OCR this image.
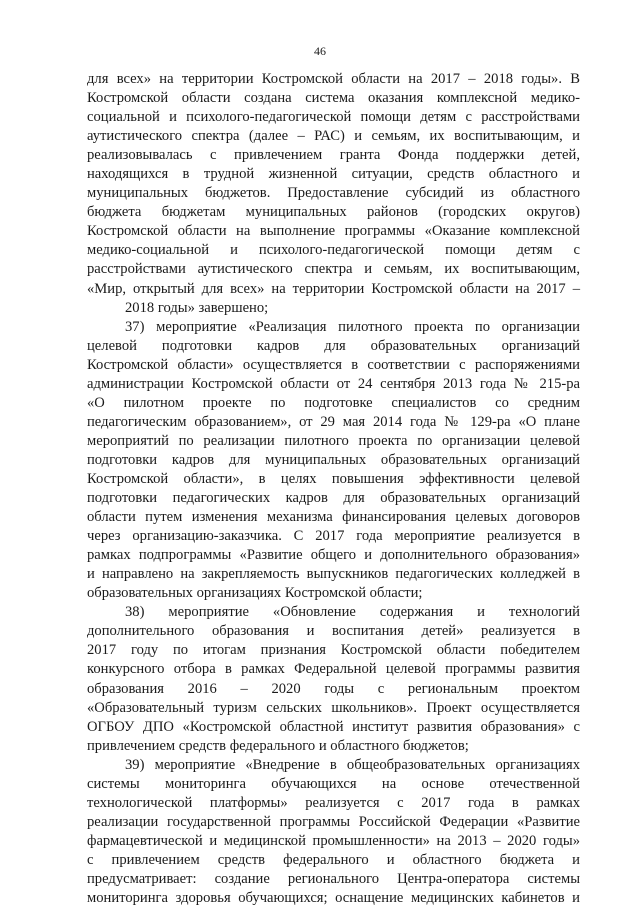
46
для всех» на территории Костромской области на 2017 – 2018 годы». В
Костромской области создана система оказания комплексной медико-
социальной и психолого-педагогической помощи детям с расстройствами
аутистического спектра (далее – РАС) и семьям, их воспитывающим, и
реализовывалась с привлечением гранта Фонда поддержки детей,
находящихся в трудной жизненной ситуации, средств областного и
муниципальных бюджетов. Предоставление субсидий из областного
бюджета бюджетам муниципальных районов (городских округов)
Костромской области на выполнение программы «Оказание комплексной
медико-социальной и психолого-педагогической помощи детям с
расстройствами аутистического спектра и семьям, их воспитывающим,
«Мир, открытый для всех» на территории Костромской области на 2017 –
2018 годы» завершено;
37) мероприятие «Реализация пилотного проекта по организации
целевой подготовки кадров для образовательных организаций
Костромской области» осуществляется в соответствии с распоряжениями
администрации Костромской области от 24 сентября 2013 года № 215-ра
«О пилотном проекте по подготовке специалистов со средним
педагогическим образованием», от 29 мая 2014 года № 129-ра «О плане
мероприятий по реализации пилотного проекта по организации целевой
подготовки кадров для муниципальных образовательных организаций
Костромской области», в целях повышения эффективности целевой
подготовки педагогических кадров для образовательных организаций
области путем изменения механизма финансирования целевых договоров
через организацию-заказчика. С 2017 года мероприятие реализуется в
рамках подпрограммы «Развитие общего и дополнительного образования»
и направлено на закрепляемость выпускников педагогических колледжей в
образовательных организациях Костромской области;
38) мероприятие «Обновление содержания и технологий
дополнительного образования и воспитания детей» реализуется в
2017 году по итогам признания Костромской области победителем
конкурсного отбора в рамках Федеральной целевой программы развития
образования 2016 – 2020 годы с региональным проектом
«Образовательный туризм сельских школьников». Проект осуществляется
ОГБОУ ДПО «Костромской областной институт развития образования» с
привлечением средств федерального и областного бюджетов;
39) мероприятие «Внедрение в общеобразовательных организациях
системы мониторинга обучающихся на основе отечественной
технологической платформы» реализуется с 2017 года в рамках
реализации государственной программы Российской Федерации «Развитие
фармацевтической и медицинской промышленности» на 2013 – 2020 годы»
с привлечением средств федерального и областного бюджета и
предусматривает: создание регионального Центра-оператора системы
мониторинга здоровья обучающихся; оснащение медицинских кабинетов и
